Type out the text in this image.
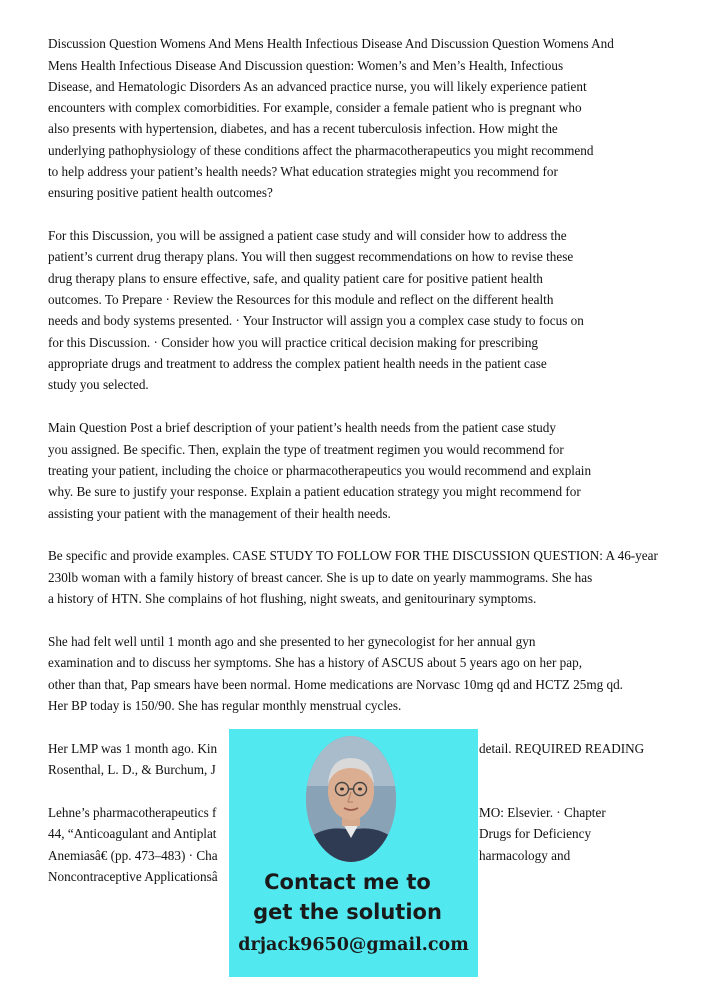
Discussion Question Womens And Mens Health Infectious Disease And Discussion Question Womens And
Mens Health Infectious Disease And Discussion question: Women’s and Men’s Health, Infectious
Disease, and Hematologic Disorders As an advanced practice nurse, you will likely experience patient
encounters with complex comorbidities. For example, consider a female patient who is pregnant who
also presents with hypertension, diabetes, and has a recent tuberculosis infection. How might the
underlying pathophysiology of these conditions affect the pharmacotherapeutics you might recommend
to help address your patient’s health needs? What education strategies might you recommend for
ensuring positive patient health outcomes?
For this Discussion, you will be assigned a patient case study and will consider how to address the
patient’s current drug therapy plans. You will then suggest recommendations on how to revise these
drug therapy plans to ensure effective, safe, and quality patient care for positive patient health
outcomes. To Prepare · Review the Resources for this module and reflect on the different health
needs and body systems presented. · Your Instructor will assign you a complex case study to focus on
for this Discussion. · Consider how you will practice critical decision making for prescribing
appropriate drugs and treatment to address the complex patient health needs in the patient case
study you selected.
Main Question Post a brief description of your patient’s health needs from the patient case study
you assigned. Be specific. Then, explain the type of treatment regimen you would recommend for
treating your patient, including the choice or pharmacotherapeutics you would recommend and explain
why. Be sure to justify your response. Explain a patient education strategy you might recommend for
assisting your patient with the management of their health needs.
Be specific and provide examples. CASE STUDY TO FOLLOW FOR THE DISCUSSION QUESTION: A 46-year
230lb woman with a family history of breast cancer. She is up to date on yearly mammograms. She has
a history of HTN. She complains of hot flushing, night sweats, and genitourinary symptoms.
She had felt well until 1 month ago and she presented to her gynecologist for her annual gyn
examination and to discuss her symptoms. She has a history of ASCUS about 5 years ago on her pap,
other than that, Pap smears have been normal. Home medications are Norvasc 10mg qd and HCTZ 25mg qd.
Her BP today is 150/90. She has regular monthly menstrual cycles.
Her LMP was 1 month ago. Kin
Rosenthal, L. D., & Burchum, J
detail. REQUIRED READING
Lehne’s pharmacotherapeutics f
44, “Anticoagulant and Antiplat
Anemiasâ€ (pp. 473–483) · Cha
Noncontraceptive Applicationsâ
MO: Elsevier. · Chapter
Drugs for Deficiency
harmacology and
Contact me to
get the solution
drjack9650@gmail.com
